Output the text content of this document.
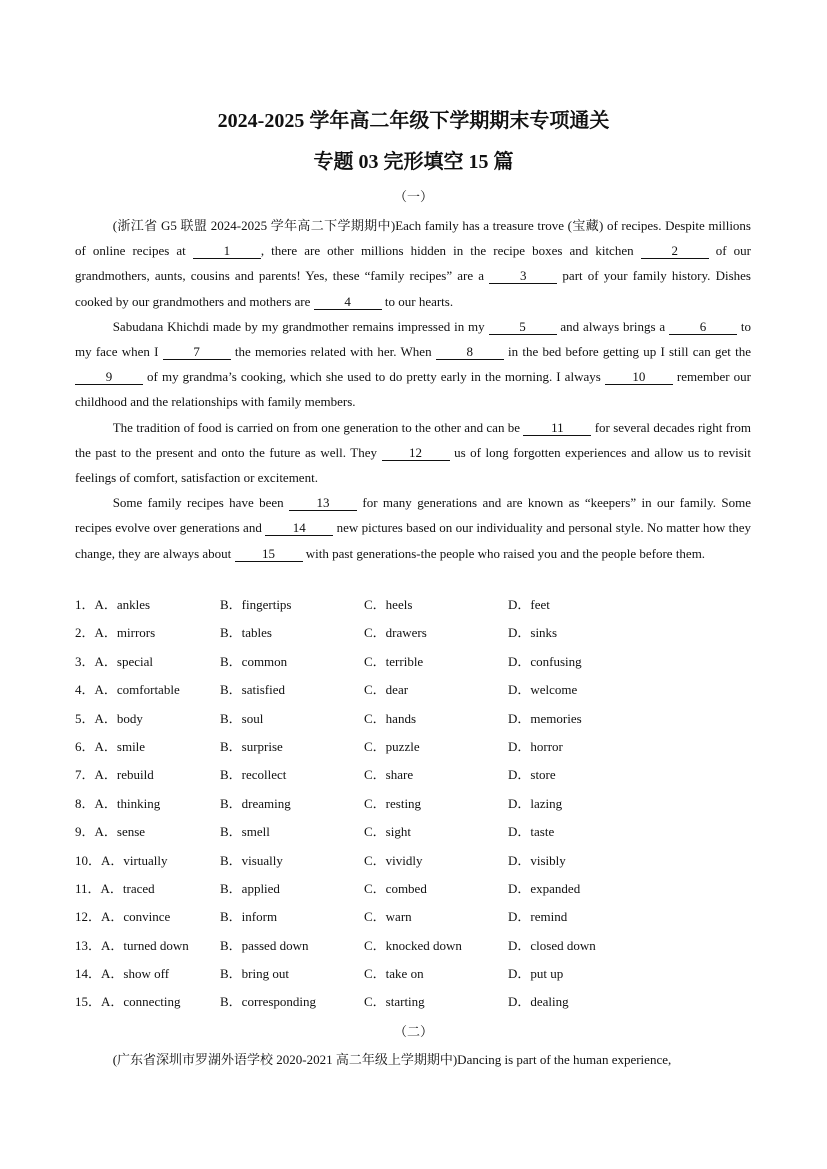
2024-2025 学年高二年级下学期期末专项通关
专题 03 完形填空 15 篇
（一）

(浙江省 G5 联盟 2024-2025 学年高二下学期期中)Each family has a treasure trove (宝藏) of recipes. Despite millions of online recipes at 1 , there are other millions hidden in the recipe boxes and kitchen 2 of our grandmothers, aunts, cousins and parents! Yes, these “family recipes” are a 3 part of your family history. Dishes cooked by our grandmothers and mothers are 4 to our hearts.

Sabudana Khichdi made by my grandmother remains impressed in my 5 and always brings a 6 to my face when I 7 the memories related with her. When 8 in the bed before getting up I still can get the 9 of my grandma’s cooking, which she used to do pretty early in the morning. I always 10 remember our childhood and the relationships with family members.

The tradition of food is carried on from one generation to the other and can be 11 for several decades right from the past to the present and onto the future as well. They 12 us of long forgotten experiences and allow us to revisit feelings of comfort, satisfaction or excitement.

Some family recipes have been 13 for many generations and are known as “keepers” in our family. Some recipes evolve over generations and 14 new pictures based on our individuality and personal style. No matter how they change, they are always about 15 with past generations-the people who raised you and the people before them.

1．A．ankles	B．fingertips	C．heels	D．feet
2．A．mirrors	B．tables	C．drawers	D．sinks
3．A．special	B．common	C．terrible	D．confusing
4．A．comfortable	B．satisfied	C．dear	D．welcome
5．A．body	B．soul	C．hands	D．memories
6．A．smile	B．surprise	C．puzzle	D．horror
7．A．rebuild	B．recollect	C．share	D．store
8．A．thinking	B．dreaming	C．resting	D．lazing
9．A．sense	B．smell	C．sight	D．taste
10．A．virtually	B．visually	C．vividly	D．visibly
11．A．traced	B．applied	C．combed	D．expanded
12．A．convince	B．inform	C．warn	D．remind
13．A．turned down B．passed down	C．knocked down	D．closed down
14．A．show off	B．bring out	C．take on	D．put up
15．A．connecting	B．corresponding	C．starting	D．dealing
（二）

(广东省深圳市罗湖外语学校 2020-2021 高二年级上学期期中)Dancing is part of the human experience,
